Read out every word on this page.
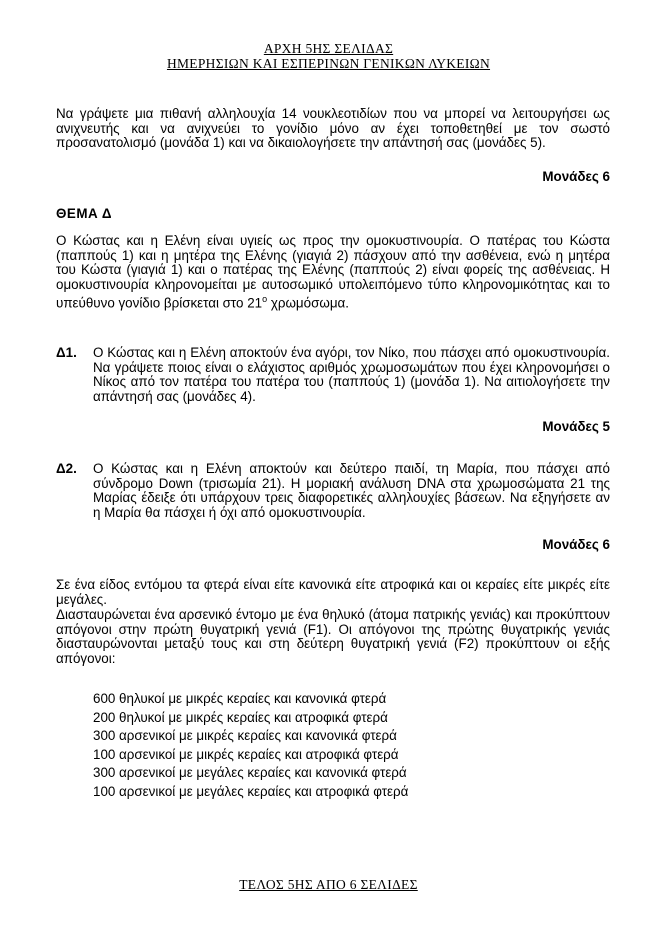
ΑΡΧΗ 5ΗΣ ΣΕΛΙΔΑΣ
ΗΜΕΡΗΣΙΩΝ ΚΑΙ ΕΣΠΕΡΙΝΩΝ ΓΕΝΙΚΩΝ ΛΥΚΕΙΩΝ

Να γράψετε μια πιθανή αλληλουχία 14 νουκλεοτιδίων που να μπορεί να λειτουργήσει ως ανιχνευτής και να ανιχνεύει το γονίδιο μόνο αν έχει τοποθετηθεί με τον σωστό προσανατολισμό (μονάδα 1) και να δικαιολογήσετε την απάντησή σας (μονάδες 5).

Μονάδες 6
ΘΕΜΑ Δ

Ο Κώστας και η Ελένη είναι υγιείς ως προς την ομοκυστινουρία. Ο πατέρας του Κώστα (παππούς 1) και η μητέρα της Ελένης (γιαγιά 2) πάσχουν από την ασθένεια, ενώ η μητέρα του Κώστα (γιαγιά 1) και ο πατέρας της Ελένης (παππούς 2) είναι φορείς της ασθένειας. Η ομοκυστινουρία κληρονομείται με αυτοσωμικό υπολειπόμενο τύπο κληρονομικότητας και το υπεύθυνο γονίδιο βρίσκεται στο $21^o$ χρωμόσωμα.

Δ1. Ο Κώστας και η Ελένη αποκτούν ένα αγόρι, τον Νίκο, που πάσχει από ομοκυστινουρία. Να γράψετε ποιος είναι ο ελάχιστος αριθμός χρωμοσωμάτων που έχει κληρονομήσει ο Νίκος από τον πατέρα του πατέρα του (παππούς 1) (μονάδα 1). Να αιτιολογήσετε την απάντησή σας (μονάδες 4).

Μονάδες 5
Δ2. Ο Κώστας και η Ελένη αποκτούν και δεύτερο παιδί, τη Μαρία, που πάσχει από σύνδρομο Down (τρισωμία 21). Η μοριακή ανάλυση DNA στα χρωμοσώματα 21 της Μαρίας έδειξε ότι υπάρχουν τρεις διαφορετικές αλληλουχίες βάσεων. Να εξηγήσετε αν η Μαρία θα πάσχει ή όχι από ομοκυστινουρία.

Μονάδες 6

Σε ένα είδος εντόμου τα φτερά είναι είτε κανονικά είτε ατροφικά και οι κεραίες είτε μικρές είτε μεγάλες.

Διασταυρώνεται ένα αρσενικό έντομο με ένα θηλυκό (άτομα πατρικής γενιάς) και προκύπτουν απόγονοι στην πρώτη θυγατρική γενιά (F1). Οι απόγονοι της πρώτης θυγατρικής γενιάς διασταυρώνονται μεταξύ τους και στη δεύτερη θυγατρική γενιά (F2) προκύπτουν οι εξής απόγονοι:

600 θηλυκοί με μικρές κεραίες και κανονικά φτερά
200 θηλυκοί με μικρές κεραίες και ατροφικά φτερά
300 αρσενικοί με μικρές κεραίες και κανονικά φτερά
100 αρσενικοί με μικρές κεραίες και ατροφικά φτερά
300 αρσενικοί με μεγάλες κεραίες και κανονικά φτερά
100 αρσενικοί με μεγάλες κεραίες και ατροφικά φτερά
ΤΕΛΟΣ 5ΗΣ ΑΠΟ 6 ΣΕΛΙΔΕΣ
